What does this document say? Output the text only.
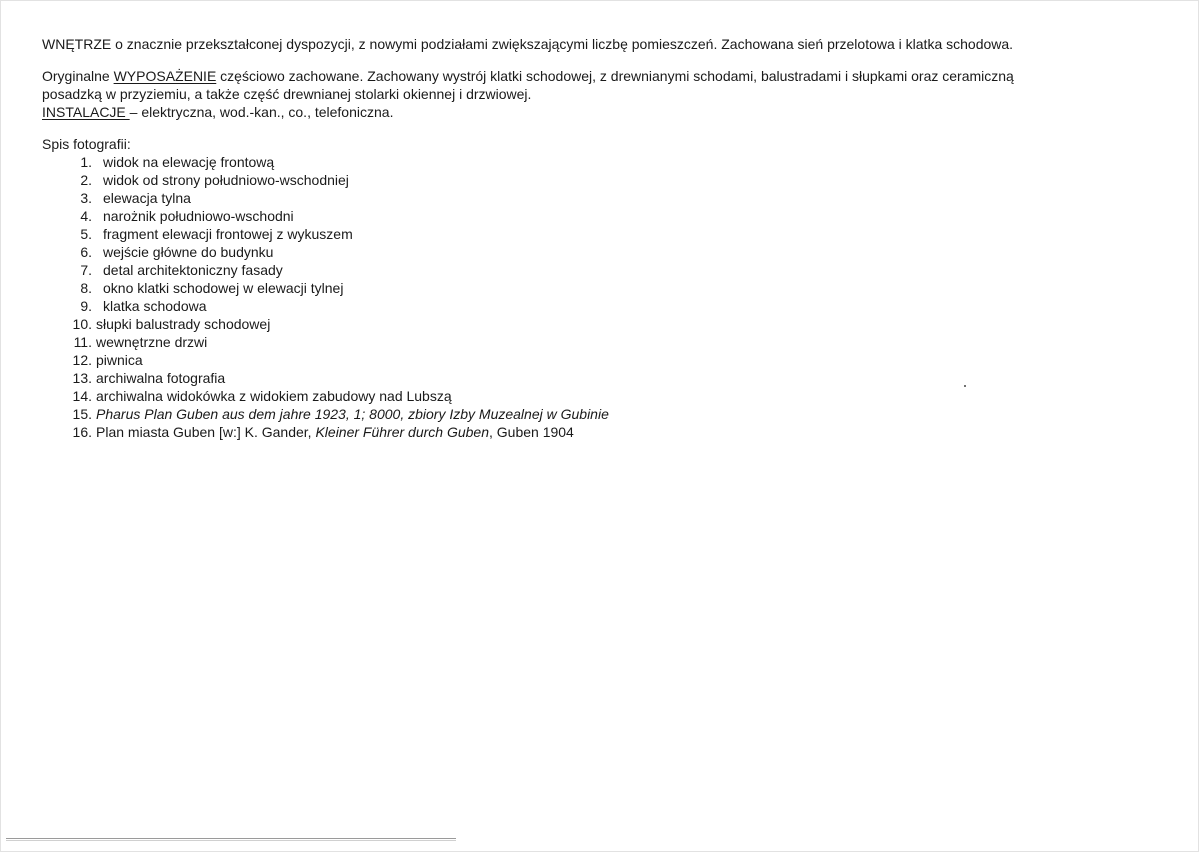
WNĘTRZE o znacznie przekształconej dyspozycji, z nowymi podziałami zwiększającymi liczbę pomieszczeń. Zachowana sień przelotowa i klatka schodowa.

Oryginalne WYPOSAŻENIE częściowo zachowane. Zachowany wystrój klatki schodowej, z drewnianymi schodami, balustradami i słupkami oraz ceramiczną

posadzką w przyziemiu, a także część drewnianej stolarki okiennej i drzwiowej.

INSTALACJE – elektryczna, wod.-kan., co., telefoniczna.

Spis fotografii:

1. widok na elewację frontową
2. widok od strony południowo-wschodniej
3. elewacja tylna
4. narożnik południowo-wschodni
5. fragment elewacji frontowej z wykuszem
6. wejście główne do budynku
7. detal architektoniczny fasady
8. okno klatki schodowej w elewacji tylnej
9. klatka schodowa
10. słupki balustrady schodowej
11. wewnętrzne drzwi
12. piwnica
13. archiwalna fotografia
14. archiwalna widokówka z widokiem zabudowy nad Lubszą
15. Pharus Plan Guben aus dem jahre 1923, 1; 8000, zbiory Izby Muzealnej w Gubinie
16. Plan miasta Guben [w:] K. Gander, Kleiner Führer durch Guben, Guben 1904
